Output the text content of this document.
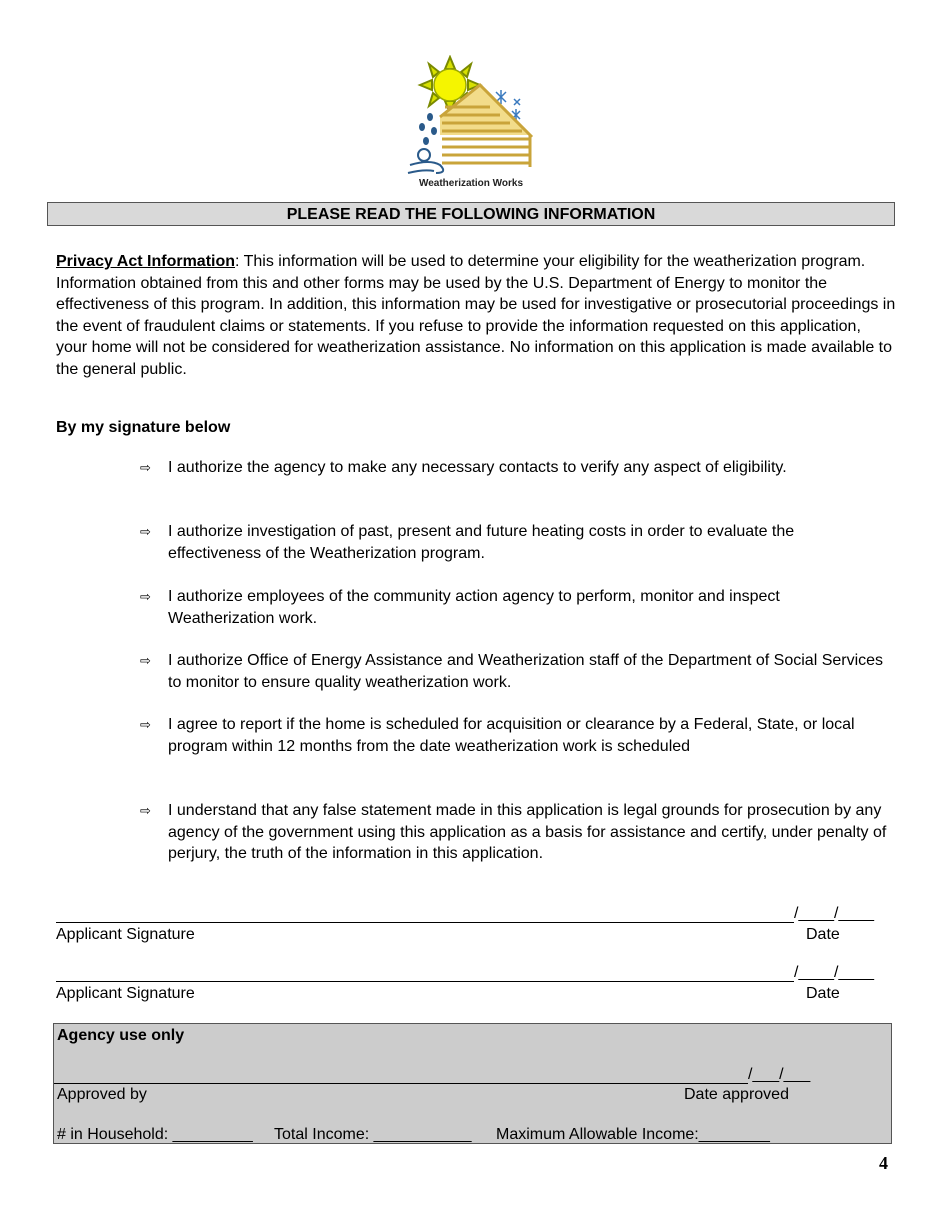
Weatherization Works
PLEASE READ THE FOLLOWING INFORMATION
Privacy Act Information: This information will be used to determine your eligibility for the weatherization program. Information obtained from this and other forms may be used by the U.S. Department of Energy to monitor the effectiveness of this program. In addition, this information may be used for investigative or prosecutorial proceedings in the event of fraudulent claims or statements. If you refuse to provide the information requested on this application, your home will not be considered for weatherization assistance. No information on this application is made available to the general public.
By my signature below
⇨ I authorize the agency to make any necessary contacts to verify any aspect of eligibility.
⇨ I authorize investigation of past, present and future heating costs in order to evaluate the effectiveness of the Weatherization program.
⇨ I authorize employees of the community action agency to perform, monitor and inspect Weatherization work.
⇨ I authorize Office of Energy Assistance and Weatherization staff of the Department of Social Services to monitor to ensure quality weatherization work.
⇨ I agree to report if the home is scheduled for acquisition or clearance by a Federal, State, or local program within 12 months from the date weatherization work is scheduled
⇨ I understand that any false statement made in this application is legal grounds for prosecution by any agency of the government using this application as a basis for assistance and certify, under penalty of perjury, the truth of the information in this application.
/____/____
Applicant Signature	Date
/____/____
Applicant Signature	Date
Agency use only
/___/___
Approved by	Date approved
# in Household: _________ Total Income: ___________ Maximum Allowable Income:________
4
